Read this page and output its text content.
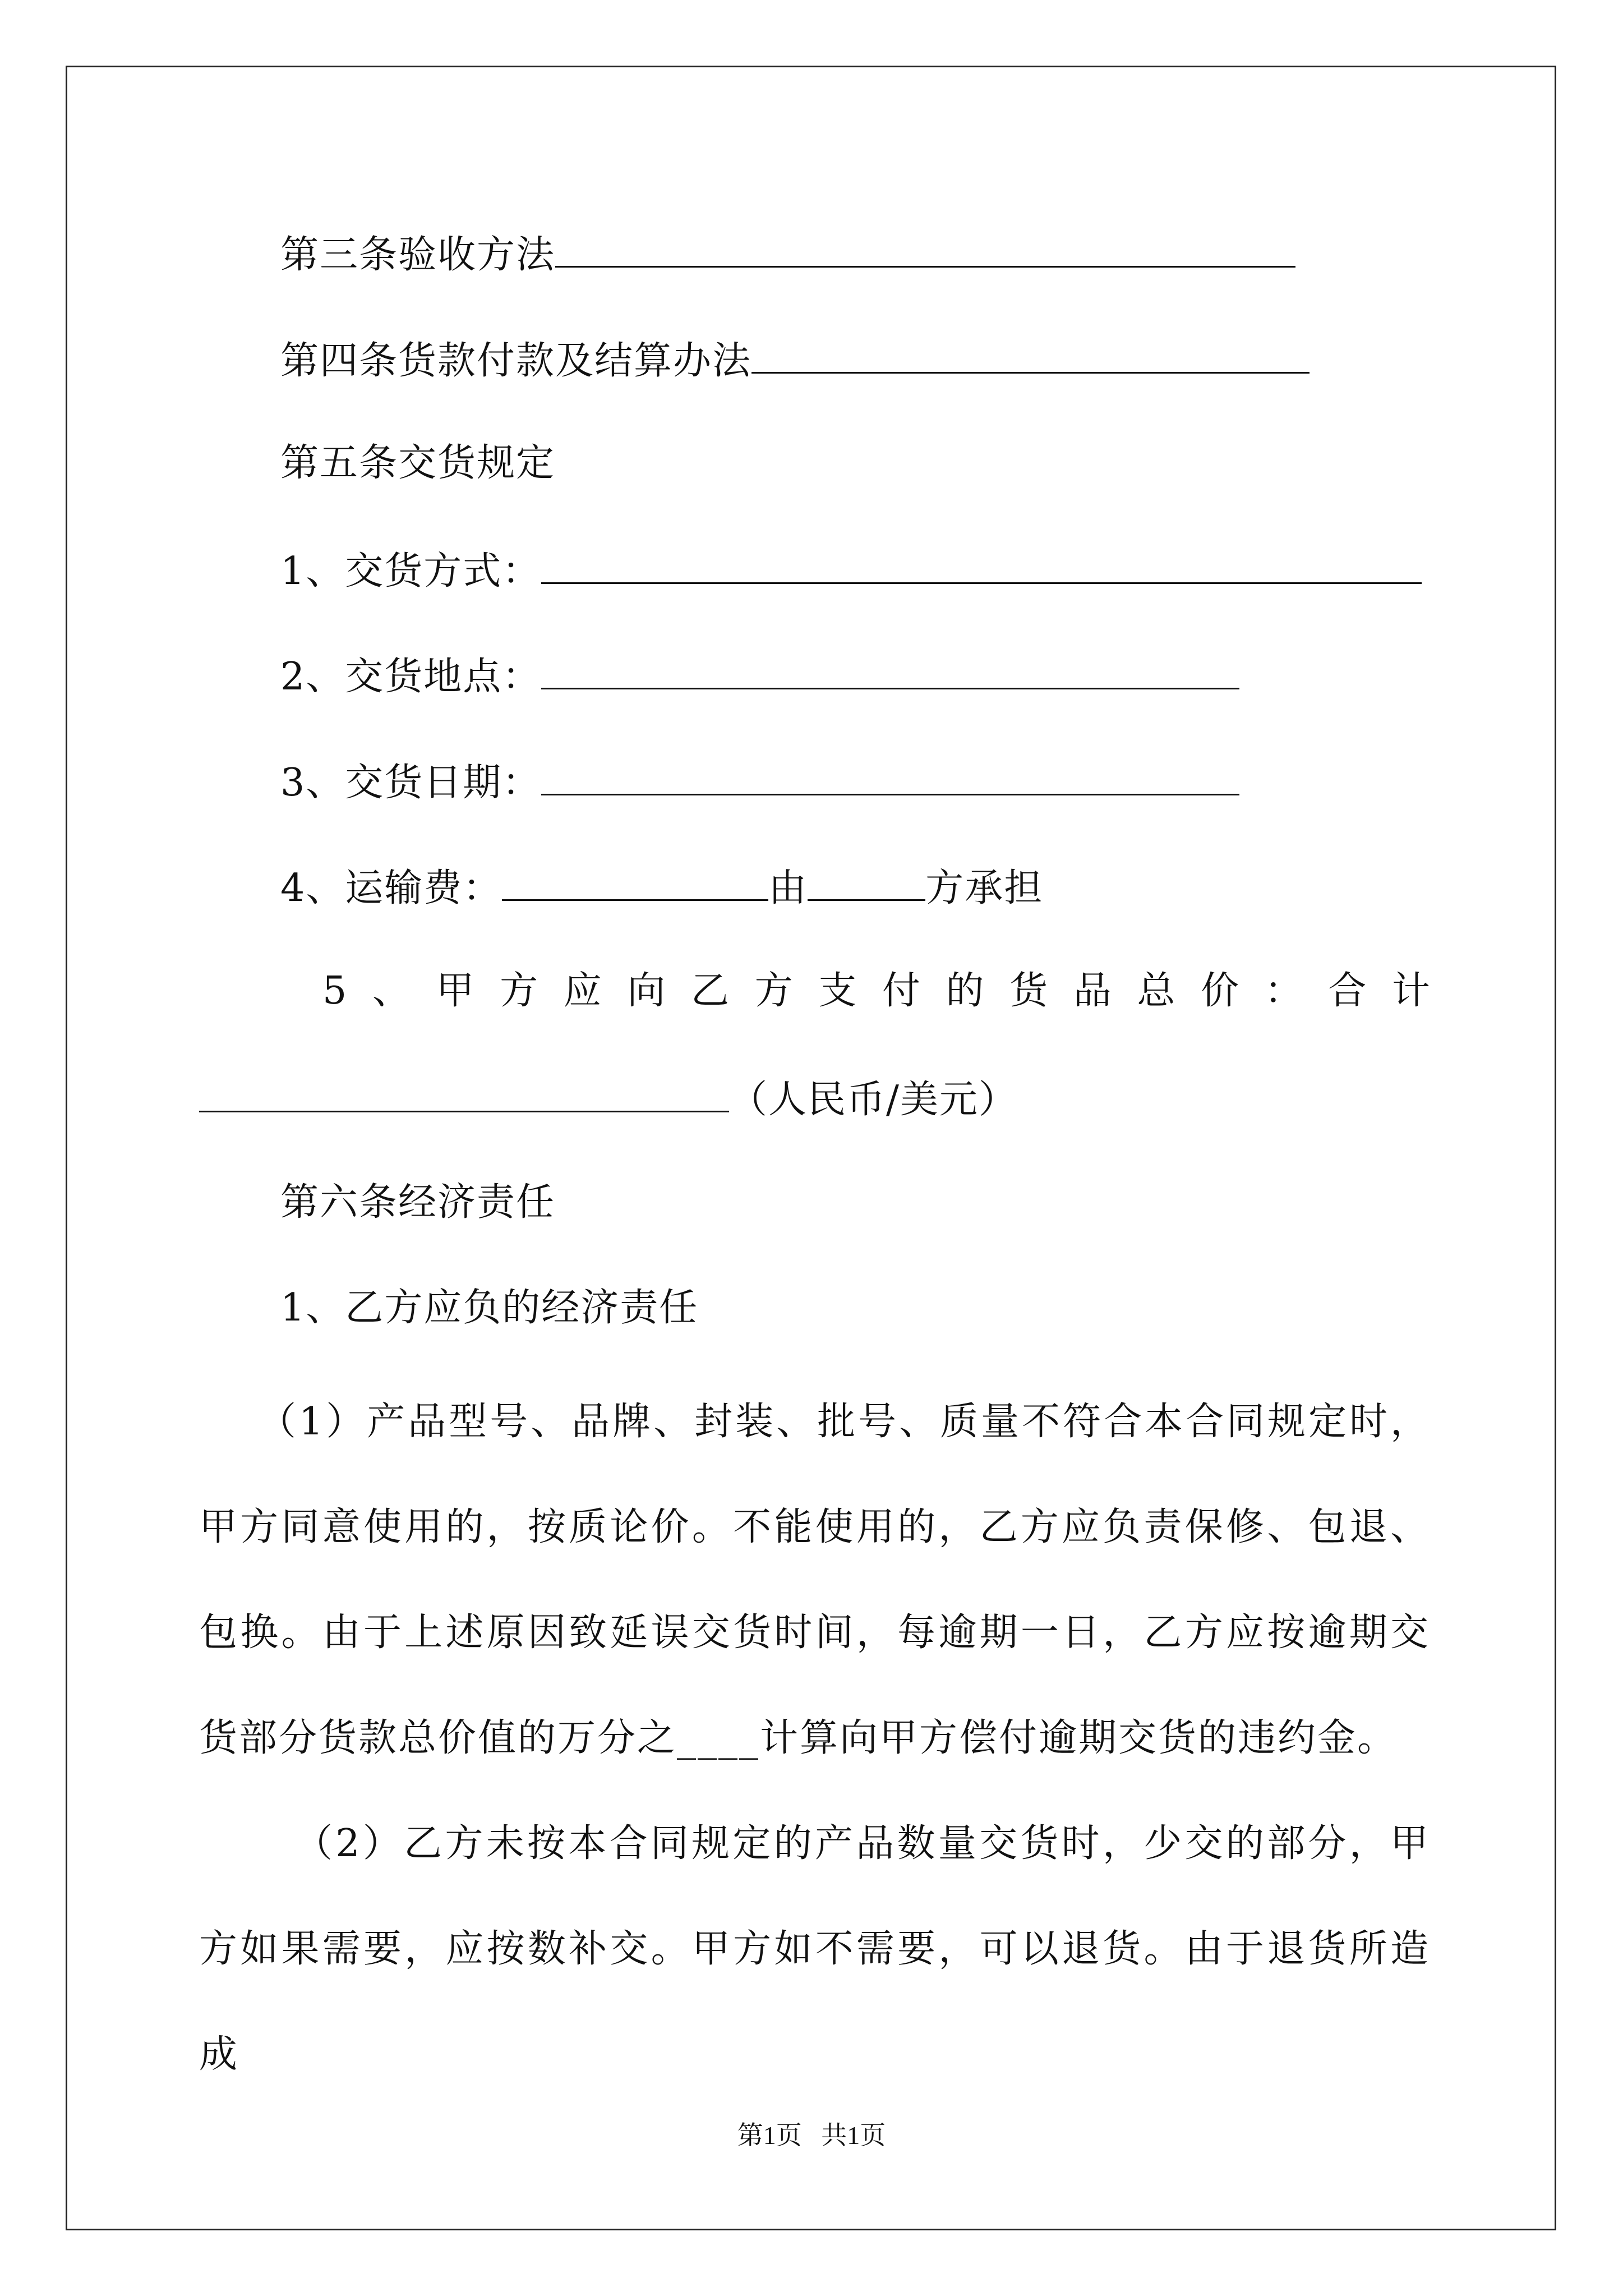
第三条验收方法
第四条货款付款及结算办法
第五条交货规定
1、交货方式：
2、交货地点：
3、交货日期：
4、运输费：	由	方承担
5 、 甲 方 应 向 乙 方 支 付 的 货 品 总 价 ： 合 计
（人民币/美元）
第六条经济责任
1、乙方应负的经济责任
（1）产品型号、品牌、封装、批号、质量不符合本合同规定时，甲方同意使用的，按质论价。不能使用的，乙方应负责保修、包退、包换。由于上述原因致延误交货时间，每逾期一日，乙方应按逾期交货部分货款总价值的万分之____计算向甲方偿付逾期交货的违约金。
（2）乙方未按本合同规定的产品数量交货时，少交的部分，甲方如果需要，应按数补交。甲方如不需要，可以退货。由于退货所造成
第1页   共1页
